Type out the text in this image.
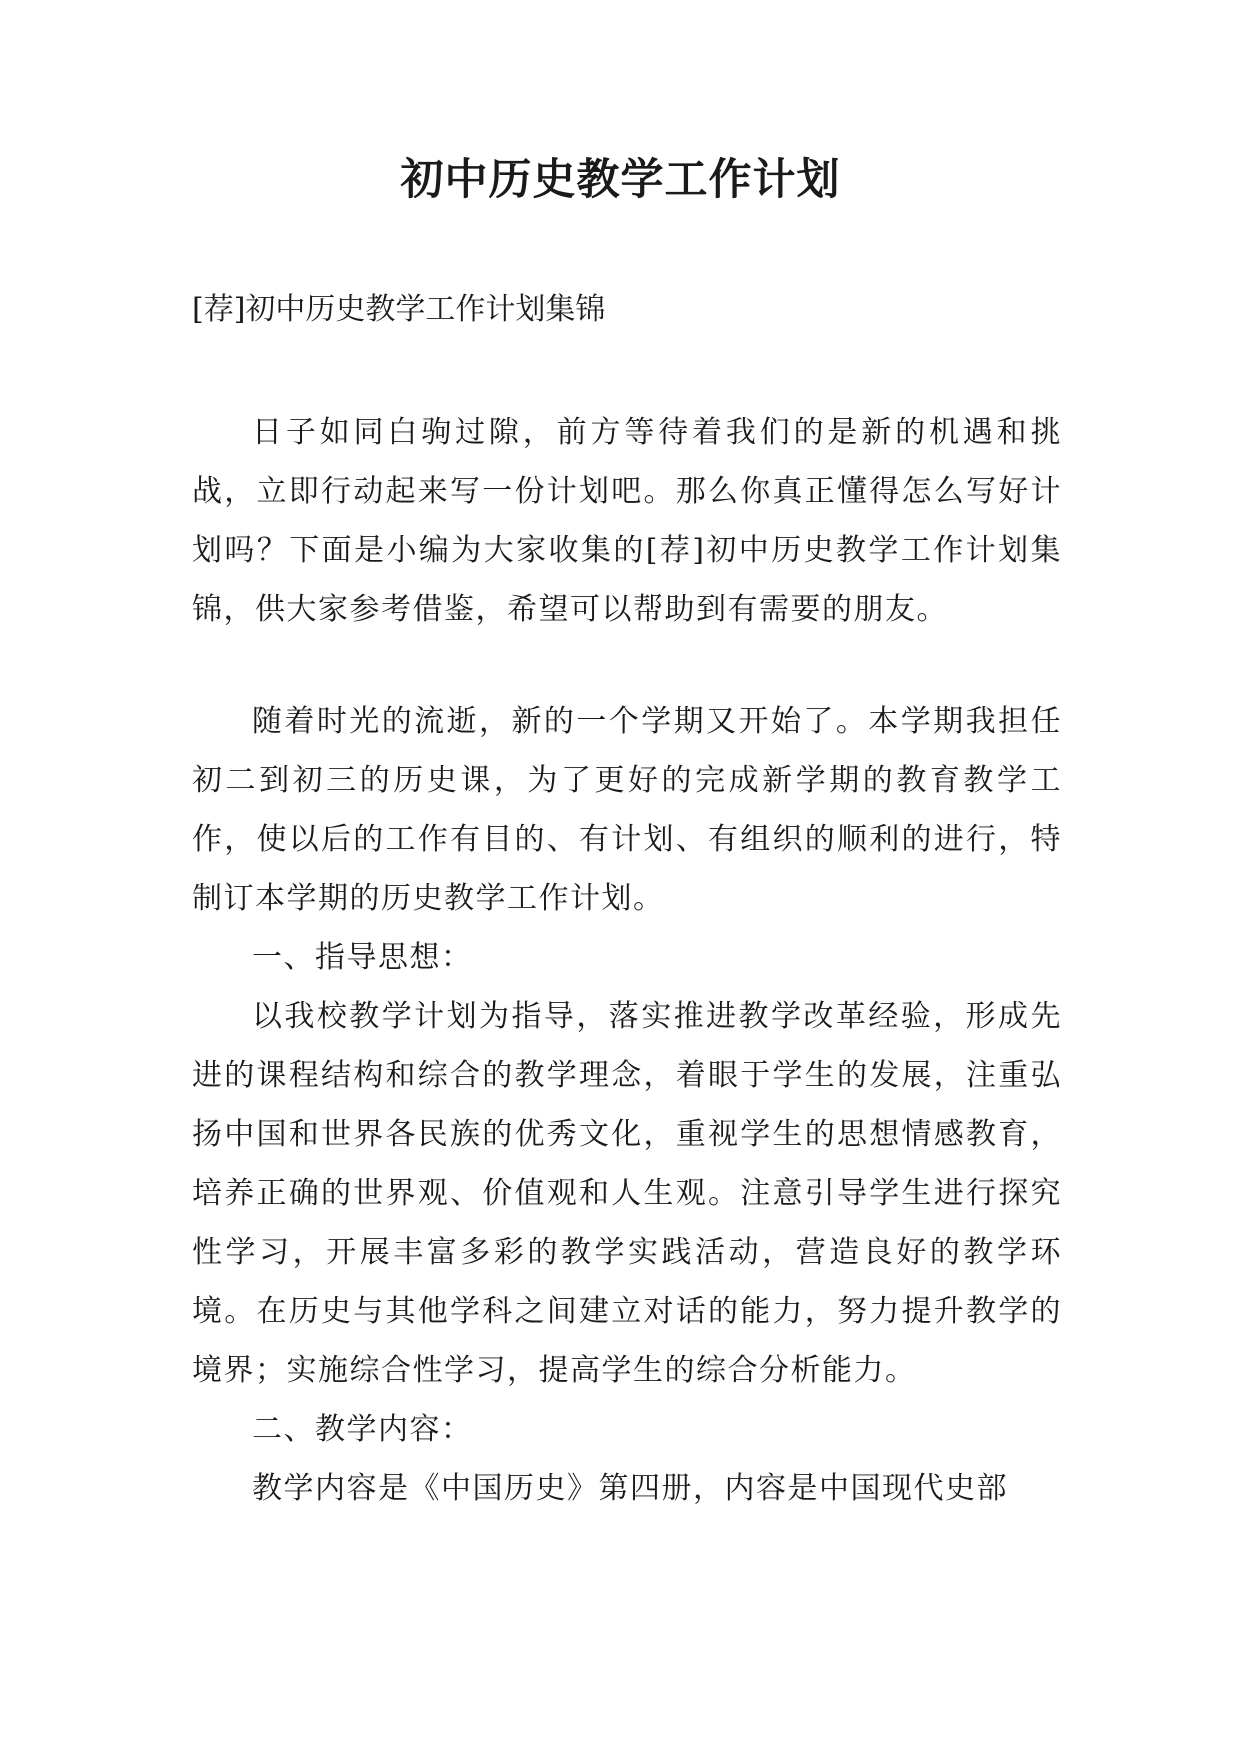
初中历史教学工作计划
[荐]初中历史教学工作计划集锦

日子如同白驹过隙，前方等待着我们的是新的机遇和挑战，立即行动起来写一份计划吧。那么你真正懂得怎么写好计划吗？下面是小编为大家收集的[荐]初中历史教学工作计划集锦，供大家参考借鉴，希望可以帮助到有需要的朋友。

随着时光的流逝，新的一个学期又开始了。本学期我担任初二到初三的历史课，为了更好的完成新学期的教育教学工作，使以后的工作有目的、有计划、有组织的顺利的进行，特制订本学期的历史教学工作计划。

一、指导思想：

以我校教学计划为指导，落实推进教学改革经验，形成先进的课程结构和综合的教学理念，着眼于学生的发展，注重弘扬中国和世界各民族的优秀文化，重视学生的思想情感教育，培养正确的世界观、价值观和人生观。注意引导学生进行探究性学习，开展丰富多彩的教学实践活动，营造良好的教学环境。在历史与其他学科之间建立对话的能力，努力提升教学的境界；实施综合性学习，提高学生的综合分析能力。

二、教学内容：

教学内容是《中国历史》第四册，内容是中国现代史部
